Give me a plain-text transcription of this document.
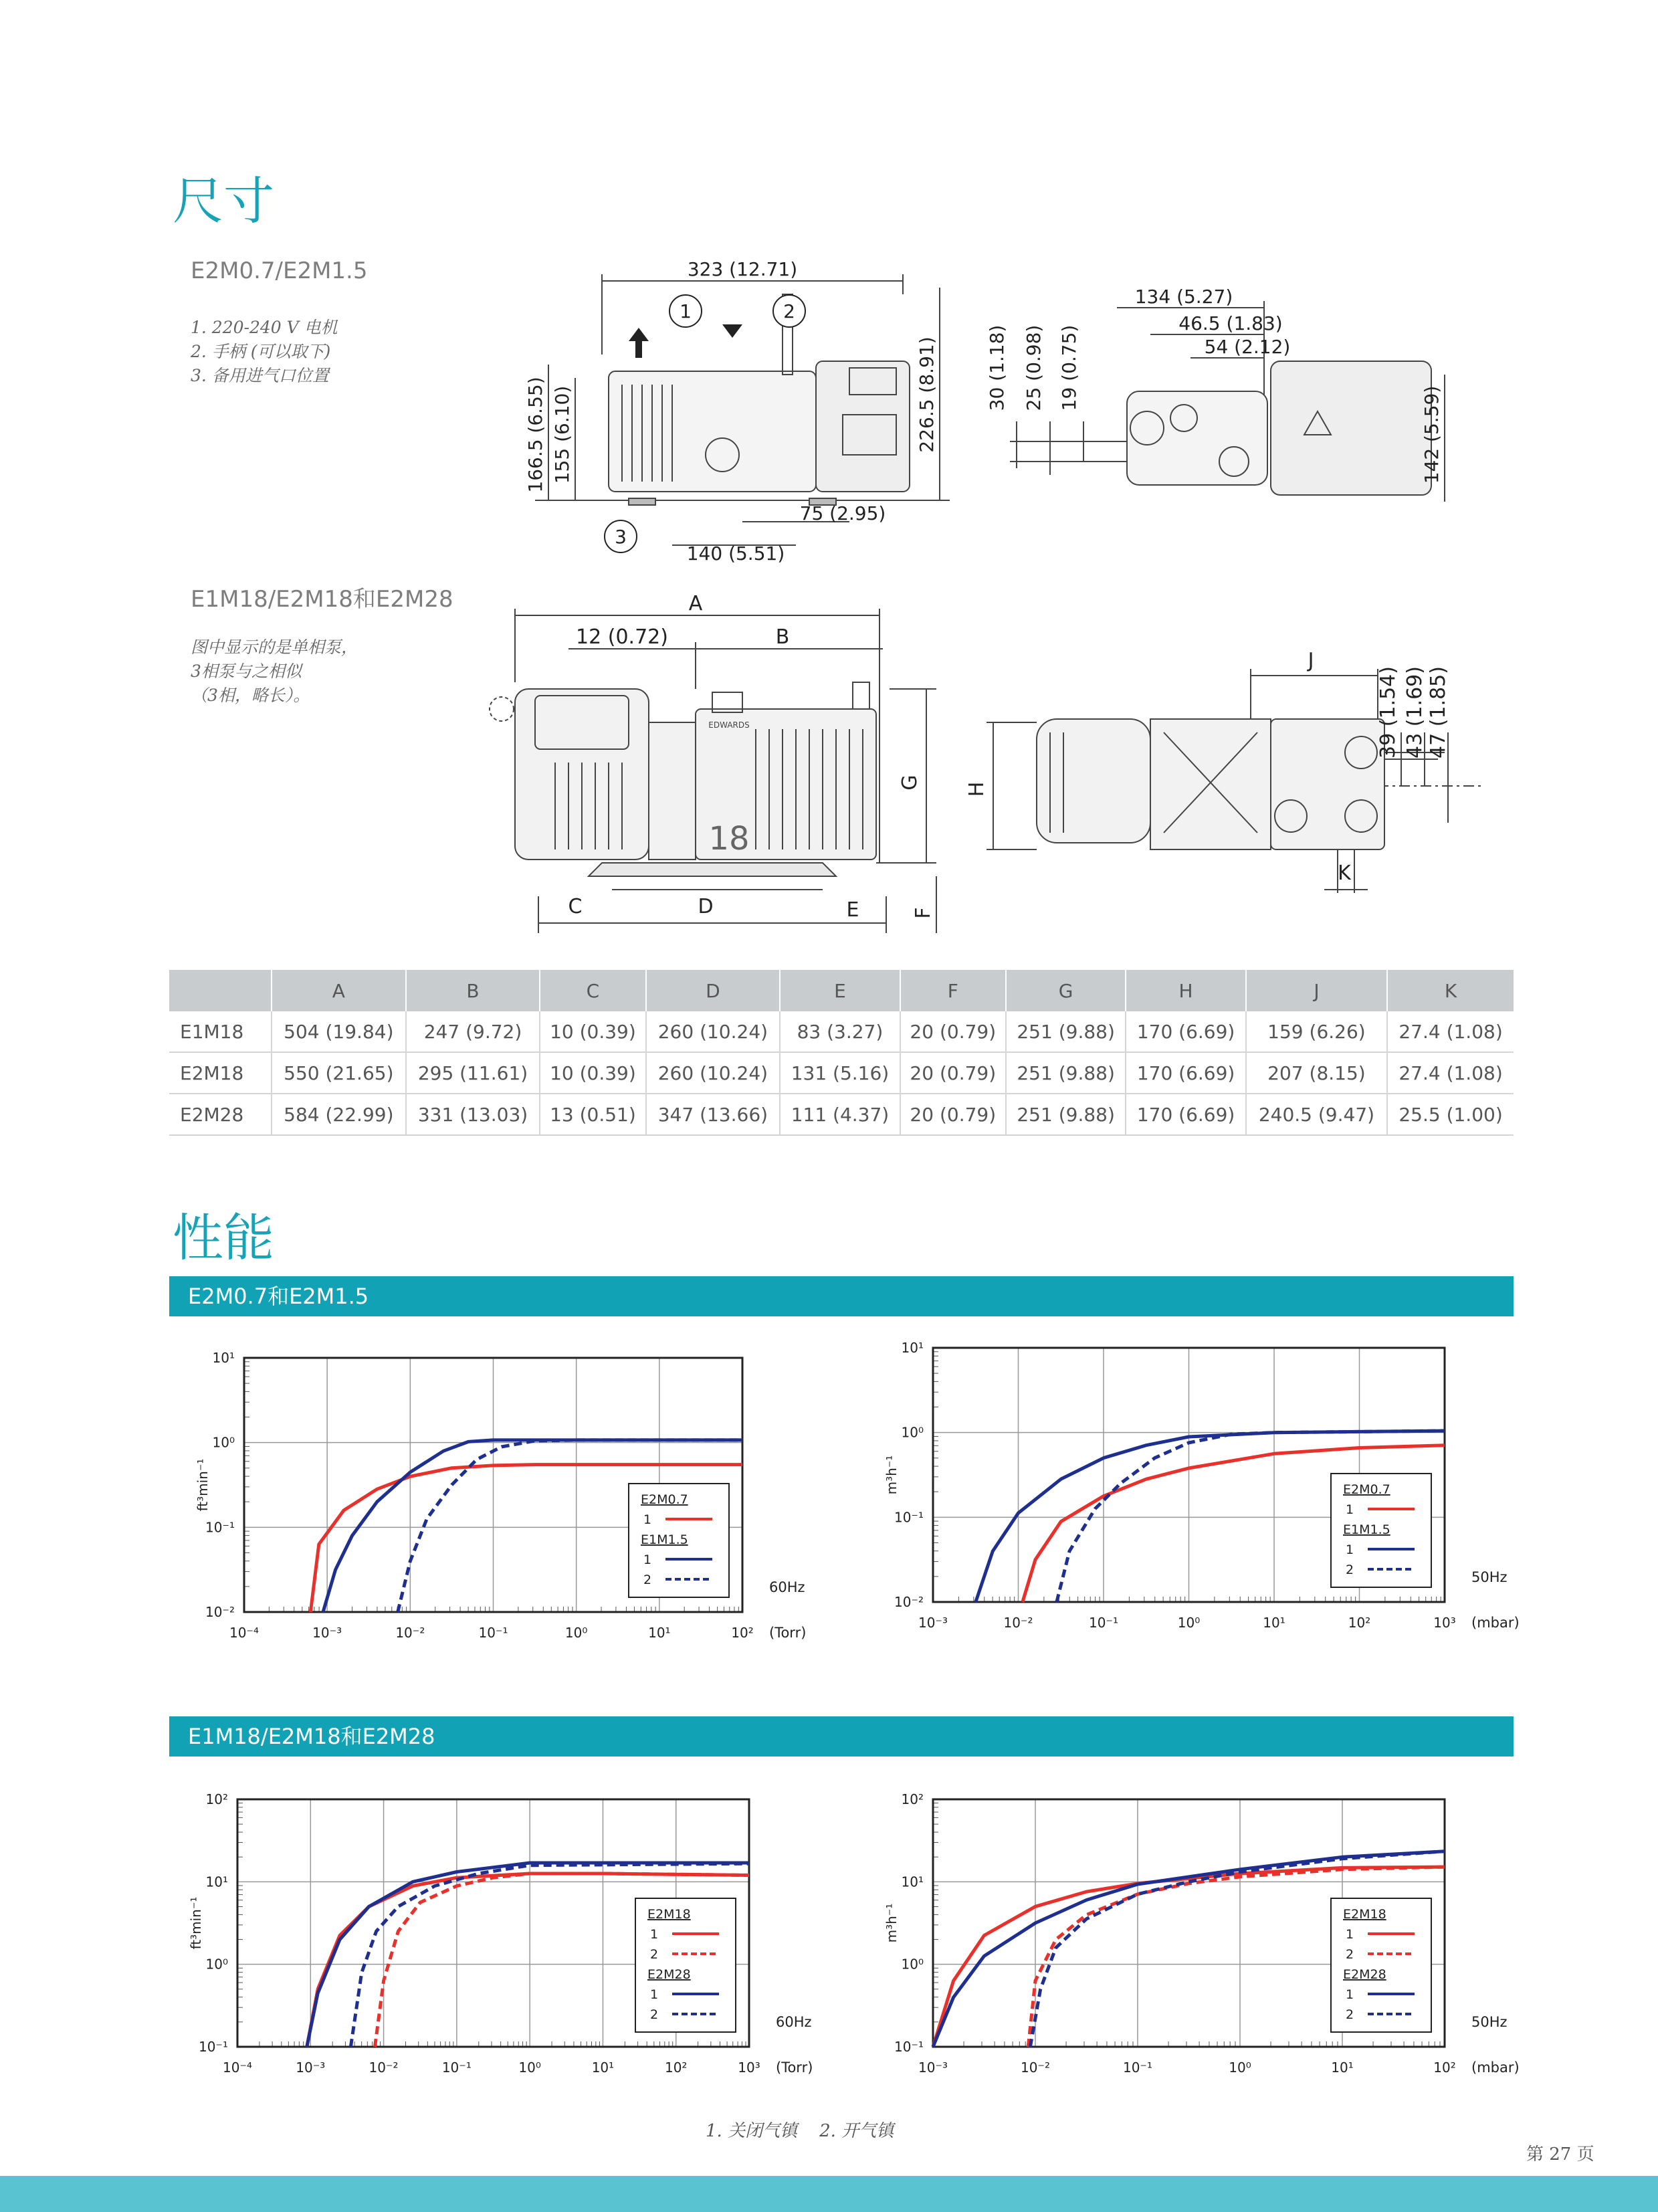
尺寸
E2M0.7/E2M1.5
1. 220-240 V 电机
2. 手柄 (可以取下)
3. 备用进气口位置
1	2
3
323 (12.71)
166.5 (6.55) 155 (6.10)	226.5 (8.91)
75 (2.95)
140 (5.51)
134 (5.27)
46.5 (1.83)
54 (2.12)
30 (1.18) 25 (0.98) 19 (0.75)
142 (5.59)
E1M18/E2M18和E2M28
图中显示的是单相泵，
3相泵与之相似
（3相，略长）。
A
12 (0.72)	B
G
C	D	E	F
18
EDWARDS
J
39 (1.54) 43 (1.69) 47 (1.85)
H
K
	A	B	C	D	E	F	G	H	J	K
E1M18	504 (19.84)	247 (9.72)	10 (0.39)	260 (10.24)	83 (3.27)	20 (0.79)	251 (9.88)	170 (6.69)	159 (6.26)	27.4 (1.08)
E2M18	550 (21.65)	295 (11.61)	10 (0.39)	260 (10.24)	131 (5.16)	20 (0.79)	251 (9.88)	170 (6.69)	207 (8.15)	27.4 (1.08)
E2M28	584 (22.99)	331 (13.03)	13 (0.51)	347 (13.66)	111 (4.37)	20 (0.79)	251 (9.88)	170 (6.69)	240.5 (9.47)	25.5 (1.00)
性能
E2M0.7和E2M1.5
E1M18/E2M18和E2M28
10⁻⁴	10⁻³	10⁻²	10⁻¹	10⁰	10¹	10²
10¹
10⁰
10⁻¹
10⁻²
(Torr)
60Hz
ft³min⁻¹	E2M0.7
1
E1M1.5
1
2
10⁻³	10⁻²	10⁻¹	10⁰	10¹	10²	10³
10¹
10⁰
10⁻¹
10⁻²
(mbar)
50Hz
m³h⁻¹	E2M0.7
1
E1M1.5
1
2
10⁻⁴	10⁻³	10⁻²	10⁻¹	10⁰	10¹	10²	10³
10²
10¹
10⁰
10⁻¹
(Torr)
60Hz
ft³min⁻¹	E2M18
1
2
E2M28
1
2
10⁻³	10⁻²	10⁻¹	10⁰	10¹	10²
10²
10¹
10⁰
10⁻¹
(mbar)
50Hz
m³h⁻¹	E2M18
1
2
E2M28
1
2
1. 关闭气镇    2. 开气镇
第 27 页
